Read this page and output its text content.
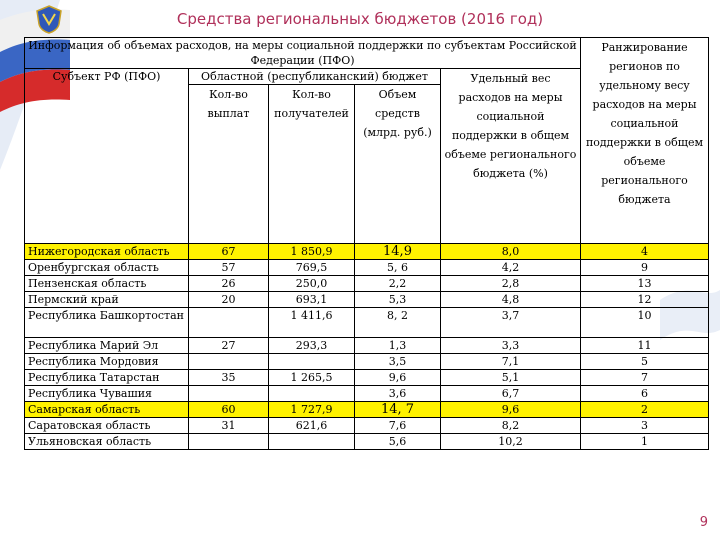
Средства региональных бюджетов (2016 год)
Информация об объемах расходов, на меры социальной поддержки по субъектам Российской Федерации (ПФО)					Ранжирование регионов по удельному весу расходов на меры социальной поддержки в общем объеме регионального бюджета
Субъект РФ (ПФО)	Областной (республиканский) бюджет			Удельный вес расходов на меры социальной поддержки в общем объеме регионального бюджета (%)	
	Кол-во выплат	Кол-во получателей	Объем средств (млрд. руб.)		
Нижегородская область	67	1 850,9	14,9	8,0	4
Оренбургская область	57	769,5	5, 6	4,2	9
Пензенская область	26	250,0	2,2	2,8	13
Пермский край	20	693,1	5,3	4,8	12
Республика Башкортостан		1 411,6	8, 2	3,7	10
Республика Марий Эл	27	293,3	1,3	3,3	11
Республика Мордовия			3,5	7,1	5
Республика Татарстан	35	1 265,5	9,6	5,1	7
Республика Чувашия			3,6	6,7	6
Самарская область	60	1 727,9	14, 7	9,6	2
Саратовская область	31	621,6	7,6	8,2	3
Ульяновская область			5,6	10,2	1
9
